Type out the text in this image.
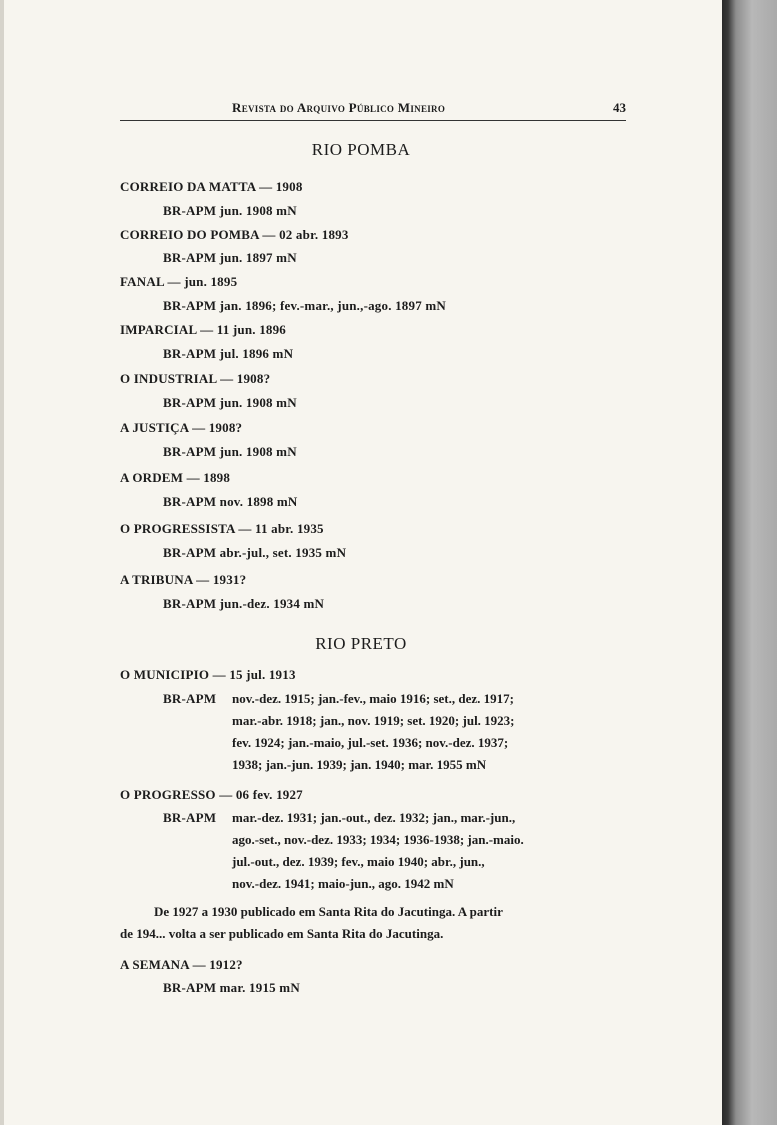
Revista do Arquivo Público Mineiro	43
RIO POMBA
CORREIO DA MATTA — 1908
BR-APM jun. 1908 mN
CORREIO DO POMBA — 02 abr. 1893
BR-APM jun. 1897 mN
FANAL — jun. 1895
BR-APM jan. 1896; fev.-mar., jun.,-ago. 1897 mN
IMPARCIAL — 11 jun. 1896
BR-APM jul. 1896 mN
O INDUSTRIAL — 1908?
BR-APM jun. 1908 mN
A JUSTIÇA — 1908?
BR-APM jun. 1908 mN
A ORDEM — 1898
BR-APM nov. 1898 mN
O PROGRESSISTA — 11 abr. 1935
BR-APM abr.-jul., set. 1935 mN
A TRIBUNA — 1931?
BR-APM jun.-dez. 1934 mN
RIO PRETO
O MUNICIPIO — 15 jul. 1913
BR-APM nov.-dez. 1915; jan.-fev., maio 1916; set., dez. 1917;
mar.-abr. 1918; jan., nov. 1919; set. 1920; jul. 1923;
fev. 1924; jan.-maio, jul.-set. 1936; nov.-dez. 1937;
1938; jan.-jun. 1939; jan. 1940; mar. 1955 mN
O PROGRESSO — 06 fev. 1927
BR-APM mar.-dez. 1931; jan.-out., dez. 1932; jan., mar.-jun.,
ago.-set., nov.-dez. 1933; 1934; 1936-1938; jan.-maio.
jul.-out., dez. 1939; fev., maio 1940; abr., jun.,
nov.-dez. 1941; maio-jun., ago. 1942 mN
De 1927 a 1930 publicado em Santa Rita do Jacutinga. A partir
de 194... volta a ser publicado em Santa Rita do Jacutinga.
A SEMANA — 1912?
BR-APM mar. 1915 mN
